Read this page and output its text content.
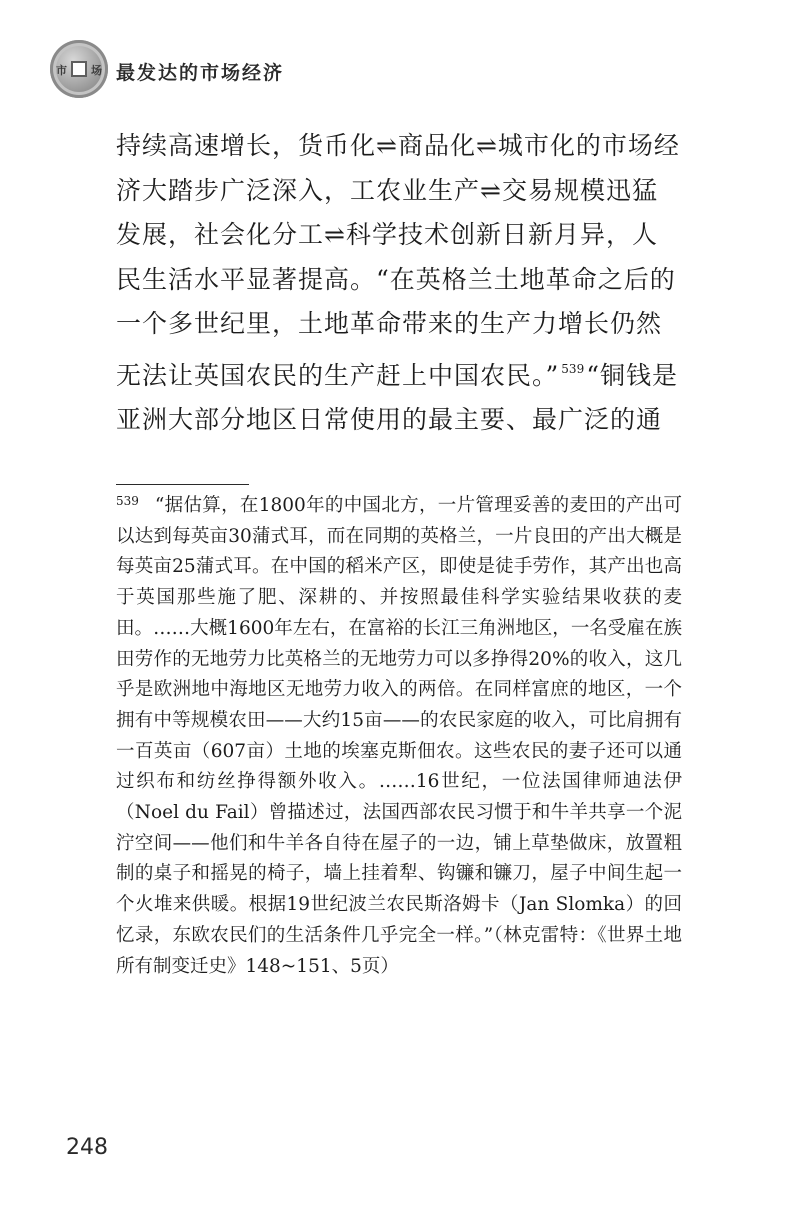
市 场 最发达的市场经济
持续高速增长，货币化⇌商品化⇌城市化的市场经济大踏步广泛深入，工农业生产⇌交易规模迅猛发展，社会化分工⇌科学技术创新日新月异，人民生活水平显著提高。“在英格兰土地革命之后的一个多世纪里，土地革命带来的生产力增长仍然无法让英国农民的生产赶上中国农民。” $^{539}$“铜钱是亚洲大部分地区日常使用的最主要、最广泛的通
$^{539}$ “据估算，在1800年的中国北方，一片管理妥善的麦田的产出可以达到每英亩30蒲式耳，而在同期的英格兰，一片良田的产出大概是每英亩25蒲式耳。在中国的稻米产区，即使是徒手劳作，其产出也高于英国那些施了肥、深耕的、并按照最佳科学实验结果收获的麦田。……大概1600年左右，在富裕的长江三角洲地区，一名受雇在族田劳作的无地劳力比英格兰的无地劳力可以多挣得20%的收入，这几乎是欧洲地中海地区无地劳力收入的两倍。在同样富庶的地区，一个拥有中等规模农田——大约15亩——的农民家庭的收入，可比肩拥有一百英亩（607亩）土地的埃塞克斯佃农。这些农民的妻子还可以通过织布和纺丝挣得额外收入。……16世纪，一位法国律师迪法伊（Noel du Fail）曾描述过，法国西部农民习惯于和牛羊共享一个泥泞空间——他们和牛羊各自待在屋子的一边，铺上草垫做床，放置粗制的桌子和摇晃的椅子，墙上挂着犁、钩镰和镰刀，屋子中间生起一个火堆来供暖。根据19世纪波兰农民斯洛姆卡（Jan Slomka）的回忆录，东欧农民们的生活条件几乎完全一样。”（林克雷特：《世界土地所有制变迁史》148~151、5页）
248
